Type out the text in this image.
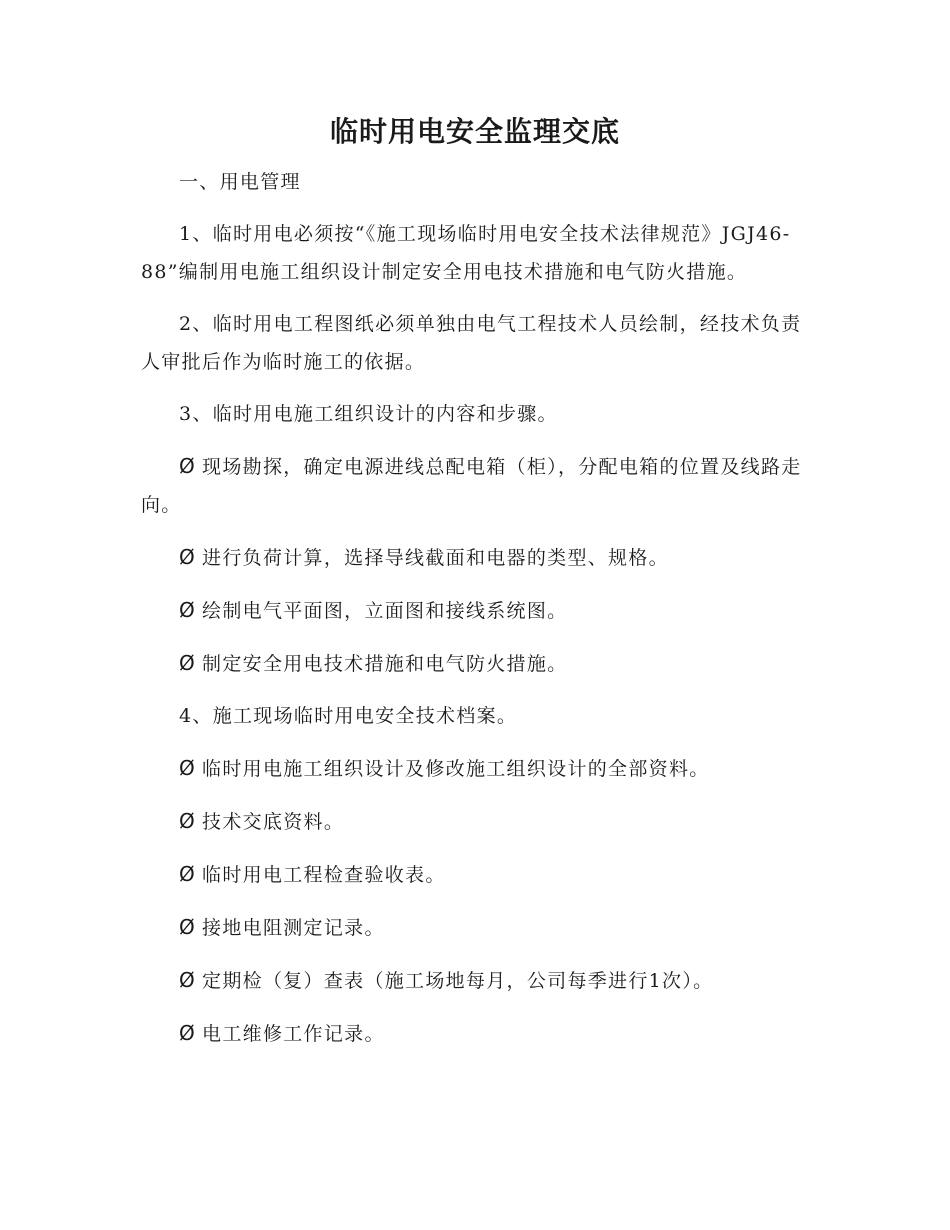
临时用电安全监理交底

一、用电管理

1、临时用电必须按“《施工现场临时用电安全技术法律规范》JGJ46-88”编制用电施工组织设计制定安全用电技术措施和电气防火措施。

2、临时用电工程图纸必须单独由电气工程技术人员绘制，经技术负责人审批后作为临时施工的依据。

3、临时用电施工组织设计的内容和步骤。

Ø 现场勘探，确定电源进线总配电箱（柜），分配电箱的位置及线路走向。

Ø 进行负荷计算，选择导线截面和电器的类型、规格。

Ø 绘制电气平面图，立面图和接线系统图。

Ø 制定安全用电技术措施和电气防火措施。

4、施工现场临时用电安全技术档案。

Ø 临时用电施工组织设计及修改施工组织设计的全部资料。

Ø 技术交底资料。

Ø 临时用电工程检查验收表。

Ø 接地电阻测定记录。

Ø 定期检（复）查表（施工场地每月，公司每季进行1次）。

Ø 电工维修工作记录。
